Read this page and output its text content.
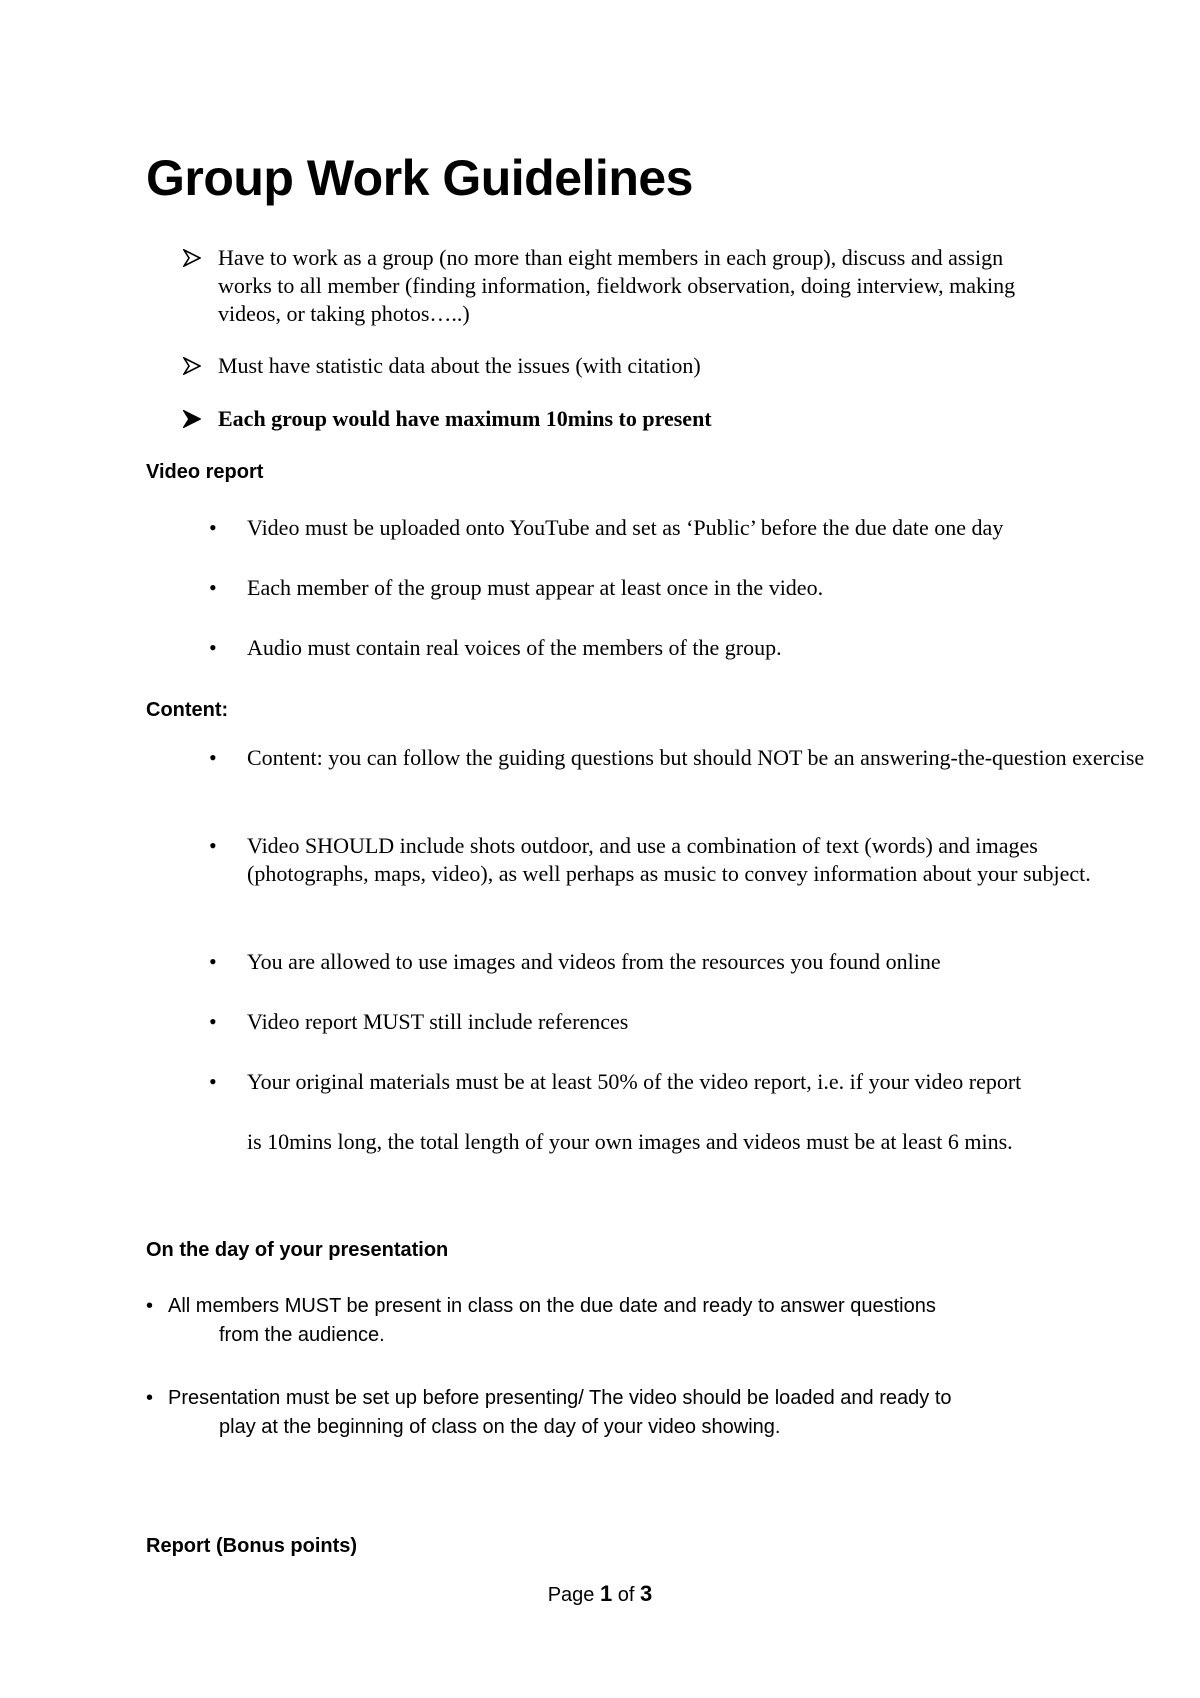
Group Work Guidelines
Have to work as a group (no more than eight members in each group), discuss and assign works to all member (finding information, fieldwork observation, doing interview, making videos, or taking photos…..)
Must have statistic data about the issues (with citation)
Each group would have maximum 10mins to present
Video report
• Video must be uploaded onto YouTube and set as ‘Public’ before the due date one day
• Each member of the group must appear at least once in the video.
• Audio must contain real voices of the members of the group.
Content:
• Content: you can follow the guiding questions but should NOT be an answering-the-question exercise
• Video SHOULD include shots outdoor, and use a combination of text (words) and images (photographs, maps, video), as well perhaps as music to convey information about your subject.
• You are allowed to use images and videos from the resources you found online
• Video report MUST still include references
• Your original materials must be at least 50% of the video report, i.e. if your video report
is 10mins long, the total length of your own images and videos must be at least 6 mins.
On the day of your presentation
• All members MUST be present in class on the due date and ready to answer questions
from the audience.
• Presentation must be set up before presenting/ The video should be loaded and ready to
play at the beginning of class on the day of your video showing.
Report (Bonus points)
Page 1 of 3
